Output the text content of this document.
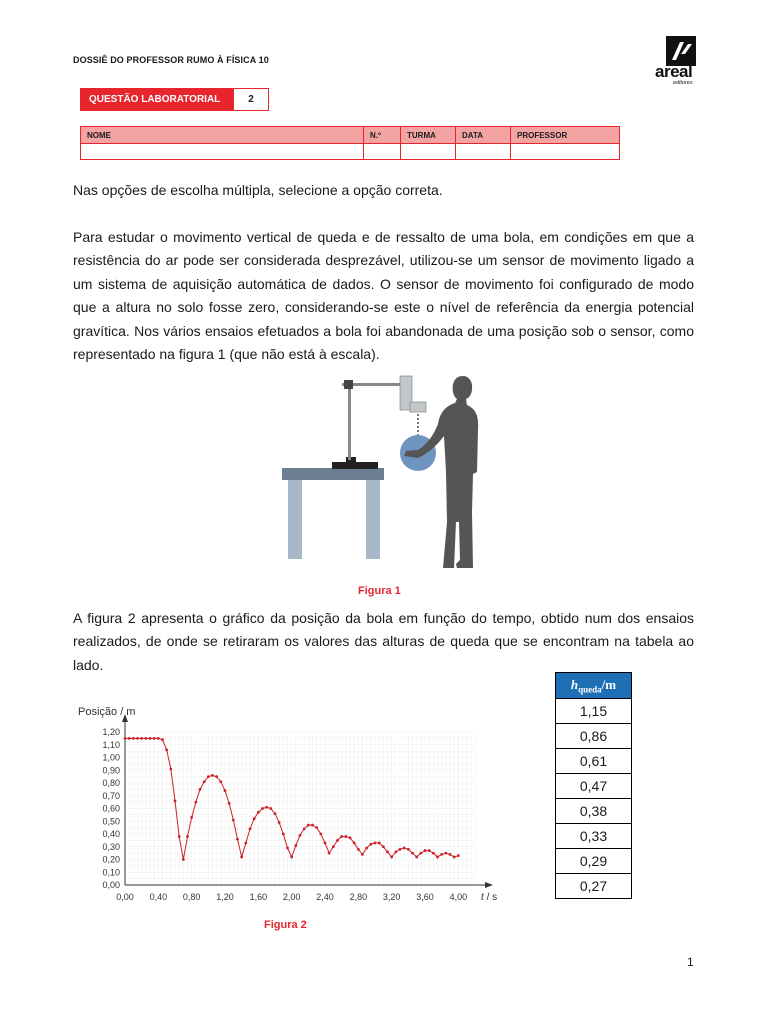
DOSSIÊ DO PROFESSOR RUMO À FÍSICA 10
areal
editores
QUESTÃO LABORATORIAL	2
NOME	N.º	TURMA	DATA	PROFESSOR

Nas opções de escolha múltipla, selecione a opção correta.
Para estudar o movimento vertical de queda e de ressalto de uma bola, em condições em que a resistência do ar pode ser considerada desprezável, utilizou-se um sensor de movimento ligado a um sistema de aquisição automática de dados. O sensor de movimento foi configurado de modo que a altura no solo fosse zero, considerando-se este o nível de referência da energia potencial gravítica. Nos vários ensaios efetuados a bola foi abandonada de uma posição sob o sensor, como representado na figura 1 (que não está à escala).
Figura 1
A figura 2 apresenta o gráfico da posição da bola em função do tempo, obtido num dos ensaios realizados, de onde se retiraram os valores das alturas de queda que se encontram na tabela ao lado.
$h_{queda}/m$
1,15
0,86
0,61
0,47
0,38
0,33
0,29
0,27
0,00 0,40 0,80 1,20 1,60 2,00 2,40 2,80 3,20 3,60 4,00
0,00
0,10
0,20
0,30
0,40
0,50
0,60
0,70
0,80
0,90
1,00
1,10
1,20
Posição / m
t / s
Figura 2
1
